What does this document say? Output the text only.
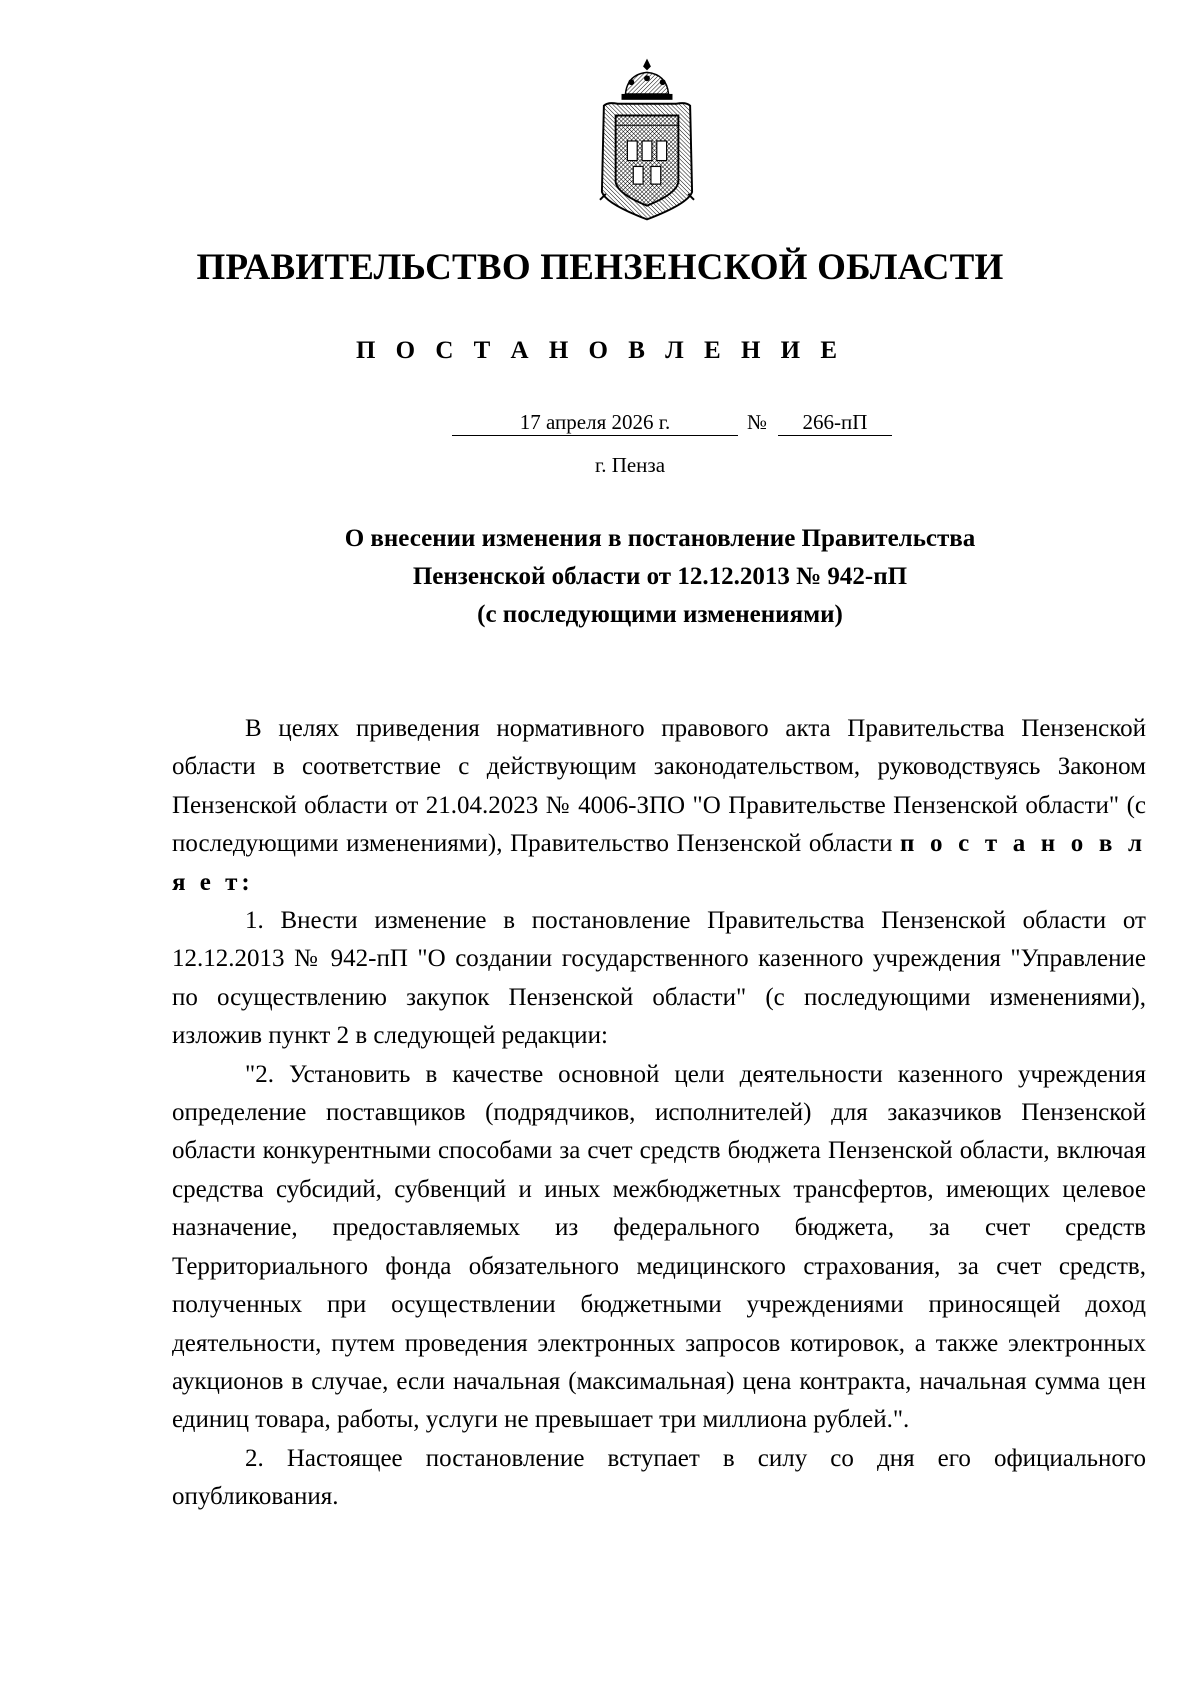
ПРАВИТЕЛЬСТВО ПЕНЗЕНСКОЙ ОБЛАСТИ
П О С Т А Н О В Л Е Н И Е
17 апреля 2026 г.	№	266-пП
г. Пенза
О внесении изменения в постановление Правительства
Пензенской области от 12.12.2013 № 942-пП
(с последующими изменениями)

В целях приведения нормативного правового акта Правительства Пензенской области в соответствие с действующим законодательством, руководствуясь Законом Пензенской области от 21.04.2023 № 4006-ЗПО "О Правительстве Пензенской области" (с последующими изменениями), Правительство Пензенской области п о с т а н о в л я е т:

1. Внести изменение в постановление Правительства Пензенской области от 12.12.2013 № 942-пП "О создании государственного казенного учреждения "Управление по осуществлению закупок Пензенской области" (с последующими изменениями), изложив пункт 2 в следующей редакции:

"2. Установить в качестве основной цели деятельности казенного учреждения определение поставщиков (подрядчиков, исполнителей) для заказчиков Пензенской области конкурентными способами за счет средств бюджета Пензенской области, включая средства субсидий, субвенций и иных межбюджетных трансфертов, имеющих целевое назначение, предоставляемых из федерального бюджета, за счет средств Территориального фонда обязательного медицинского страхования, за счет средств, полученных при осуществлении бюджетными учреждениями приносящей доход деятельности, путем проведения электронных запросов котировок, а также электронных аукционов в случае, если начальная (максимальная) цена контракта, начальная сумма цен единиц товара, работы, услуги не превышает три миллиона рублей.".

2. Настоящее постановление вступает в силу со дня его официального опубликования.
